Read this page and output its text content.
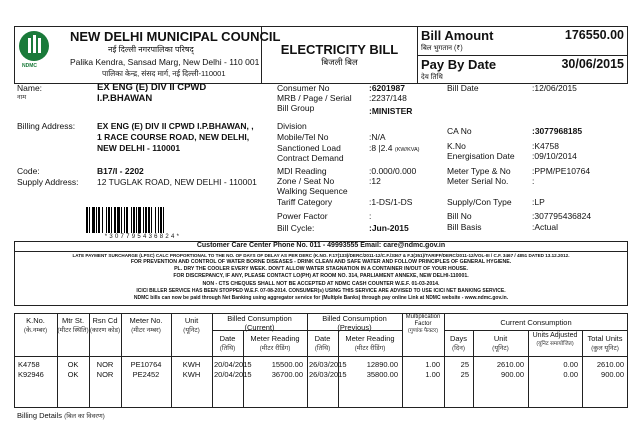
NDMC
NEW DELHI MUNICIPAL COUNCIL
नई दिल्ली नगरपालिका परिषद्
Palika Kendra, Sansad Marg, New Delhi - 110 001
पालिका केन्द्र, संसद मार्ग, नई दिल्ली-110001
ELECTRICITY BILL
बिजली बिल
Bill Amount
बिल भुगतान (₹)
176550.00
Pay By Date
देय तिथि
30/06/2015
Name:
नाम
EX ENG (E) DIV II CPWD
I.P.BHAWAN
Billing Address:	EX ENG (E) DIV II CPWD I.P.BHAWAN, ,
1 RACE COURSE ROAD, NEW DELHI,
NEW DELHI - 110001
Code:	B17/I - 2202
Supply Address: 12 TUGLAK ROAD, NEW DELHI - 110001
* 3 0 7 7 9 5 4 3 6 8 2 4 *
Consumer No	:6201987
MRB / Page / Serial :2237/148
Bill Group	:MINISTER
Division
Mobile/Tel No	:N/A
Sanctioned Load	:8 |2.4 (KW/KVA)
Contract Demand
MDI Reading	:0.000/0.000
Zone / Seat No	:12
Walking Sequence
Tariff Category	:1-DS/1-DS
Power Factor	:
Bill Cycle:	:Jun-2015
Bill Date	:12/06/2015
CA No	:3077968185
K.No	:K4758
Energisation Date :09/10/2014
Meter Type & No	:PPM/PE10764
Meter Serial No.	:
Supply/Con Type :LP
Bill No	:307795436824
Bill Basis	:Actual
Customer Care Center Phone No. 011 - 49993555 Email: care@ndmc.gov.in
LATE PAYMENT SURCHARGE (LPSC) CALC PROPORTIONAL TO THE NO. OF DAYS OF DELAY AS PER DERC (K.NO. F.17(133)/DERC/2011-12/C.F./3367 & F.3(351)/TARIFF/DERC/2011-12/VOL-III / C.F. 3467 / 4851 DATED 13.12.2012.
FOR PREVENTION AND CONTROL OF WATER BORNE DISEASES - DRINK CLEAN AND SAFE WATER AND FOLLOW PRINCIPLES OF GENERAL HYGIENE.
PL. DRY THE COOLER EVERY WEEK. DON'T ALLOW WATER STAGNATION IN A CONTAINER IN/OUT OF YOUR HOUSE.
FOR DISCREPANCY, IF ANY, PLEASE CONTACT LO(PH) AT ROOM NO. 314, PARLIAMENT ANNEXE, NEW DELHI-110001.
NON - CTS CHEQUES SHALL NOT BE ACCEPTED AT NDMC CASH COUNTER W.E.F. 01-03-2014.
ICICI BILLER SERVICE HAS BEEN STOPPED W.E.F. 07-08-2014. CONSUMER(s) USING THIS SERVICE ARE ADVISED TO USE ICICI NET BANKING SERVICE.
NDMC bills can now be paid through Net Banking using aggregator service for (Multiple Banks) through pay online Link at NDMC website - www.ndmc.gov.in.
K.No.
(के.नम्बर)
Mtr St.
(मीटर स्थिति)
Rsn Cd
(कारण कोड)
Meter No.
(मीटर नम्बर)
Unit
(यूनिट)
Billed Consumption
(Current)
Billed Consumption
(Previous)
Multiplication Factor
(गुणांक फैक्टर)
Current Consumption
Date
(तिथि)
Meter Reading
(मीटर रीडिंग)
Date
(तिथि)
Meter Reading
(मीटर रीडिंग)
Days
(दिन)
Unit
(यूनिट)
Units Adjusted
(यूनिट समायोजित)
Total Units
(कुल यूनिट)
K4758	OK	NOR	PE10764	KWH	20/04/2015	15500.00 26/03/2015	12890.00	1.00	25	2610.00	0.00	2610.00
K92946	OK	NOR	PE2452	KWH	20/04/2015	36700.00 26/03/2015	35800.00	1.00	25	900.00	0.00	900.00
Billing Details (बिल का विवरण)
